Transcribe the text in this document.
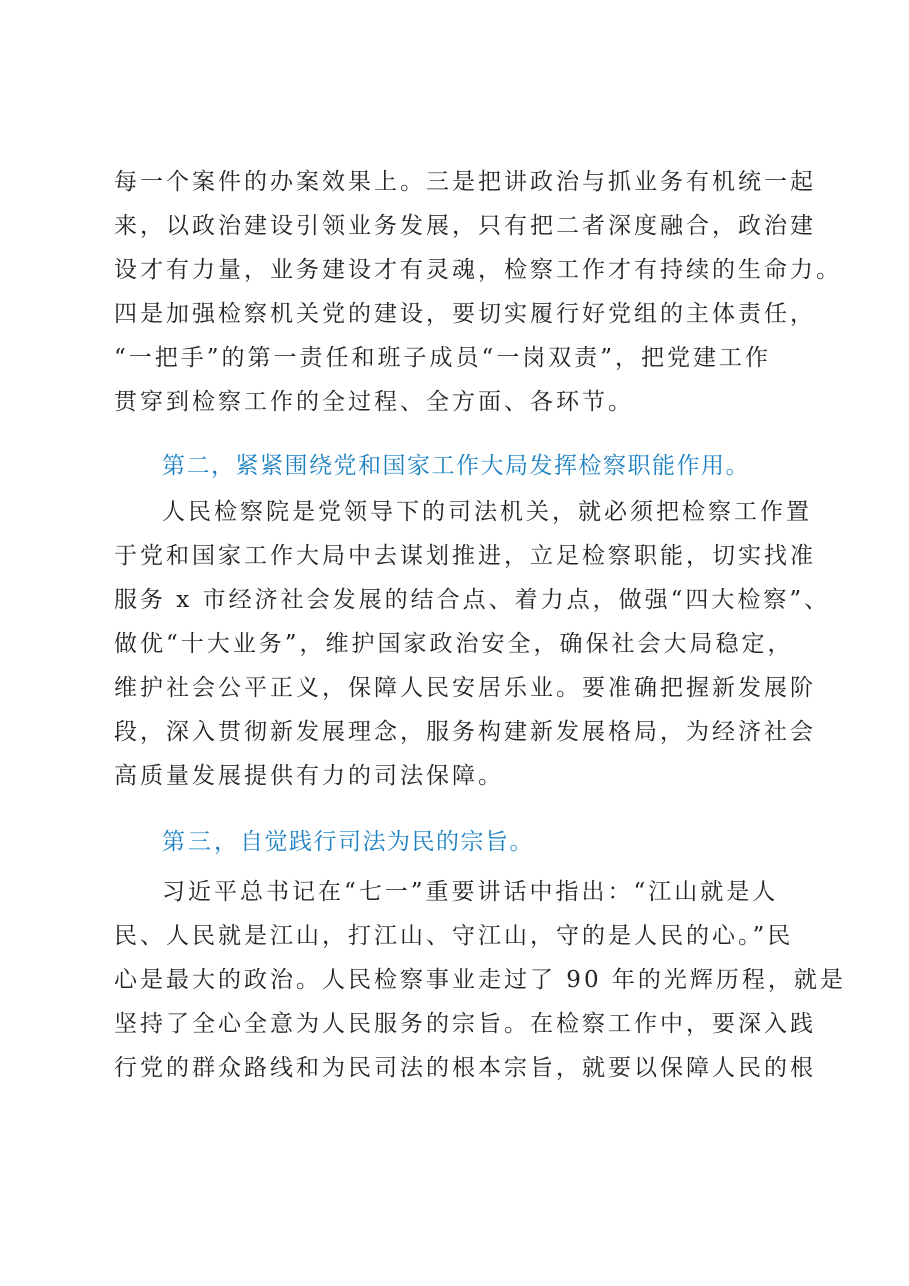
每一个案件的办案效果上。三是把讲政治与抓业务有机统一起
来，以政治建设引领业务发展，只有把二者深度融合，政治建
设才有力量，业务建设才有灵魂，检察工作才有持续的生命力。
四是加强检察机关党的建设，要切实履行好党组的主体责任，
“一把手”的第一责任和班子成员“一岗双责”，把党建工作
贯穿到检察工作的全过程、全方面、各环节。
第二，紧紧围绕党和国家工作大局发挥检察职能作用。
人民检察院是党领导下的司法机关，就必须把检察工作置
于党和国家工作大局中去谋划推进，立足检察职能，切实找准
服务 x 市经济社会发展的结合点、着力点，做强“四大检察”、
做优“十大业务”，维护国家政治安全，确保社会大局稳定，
维护社会公平正义，保障人民安居乐业。要准确把握新发展阶
段，深入贯彻新发展理念，服务构建新发展格局，为经济社会
高质量发展提供有力的司法保障。
第三，自觉践行司法为民的宗旨。
习近平总书记在“七一”重要讲话中指出：“江山就是人
民、人民就是江山，打江山、守江山，守的是人民的心。”民
心是最大的政治。人民检察事业走过了 90 年的光辉历程，就是
坚持了全心全意为人民服务的宗旨。在检察工作中，要深入践
行党的群众路线和为民司法的根本宗旨，就要以保障人民的根
